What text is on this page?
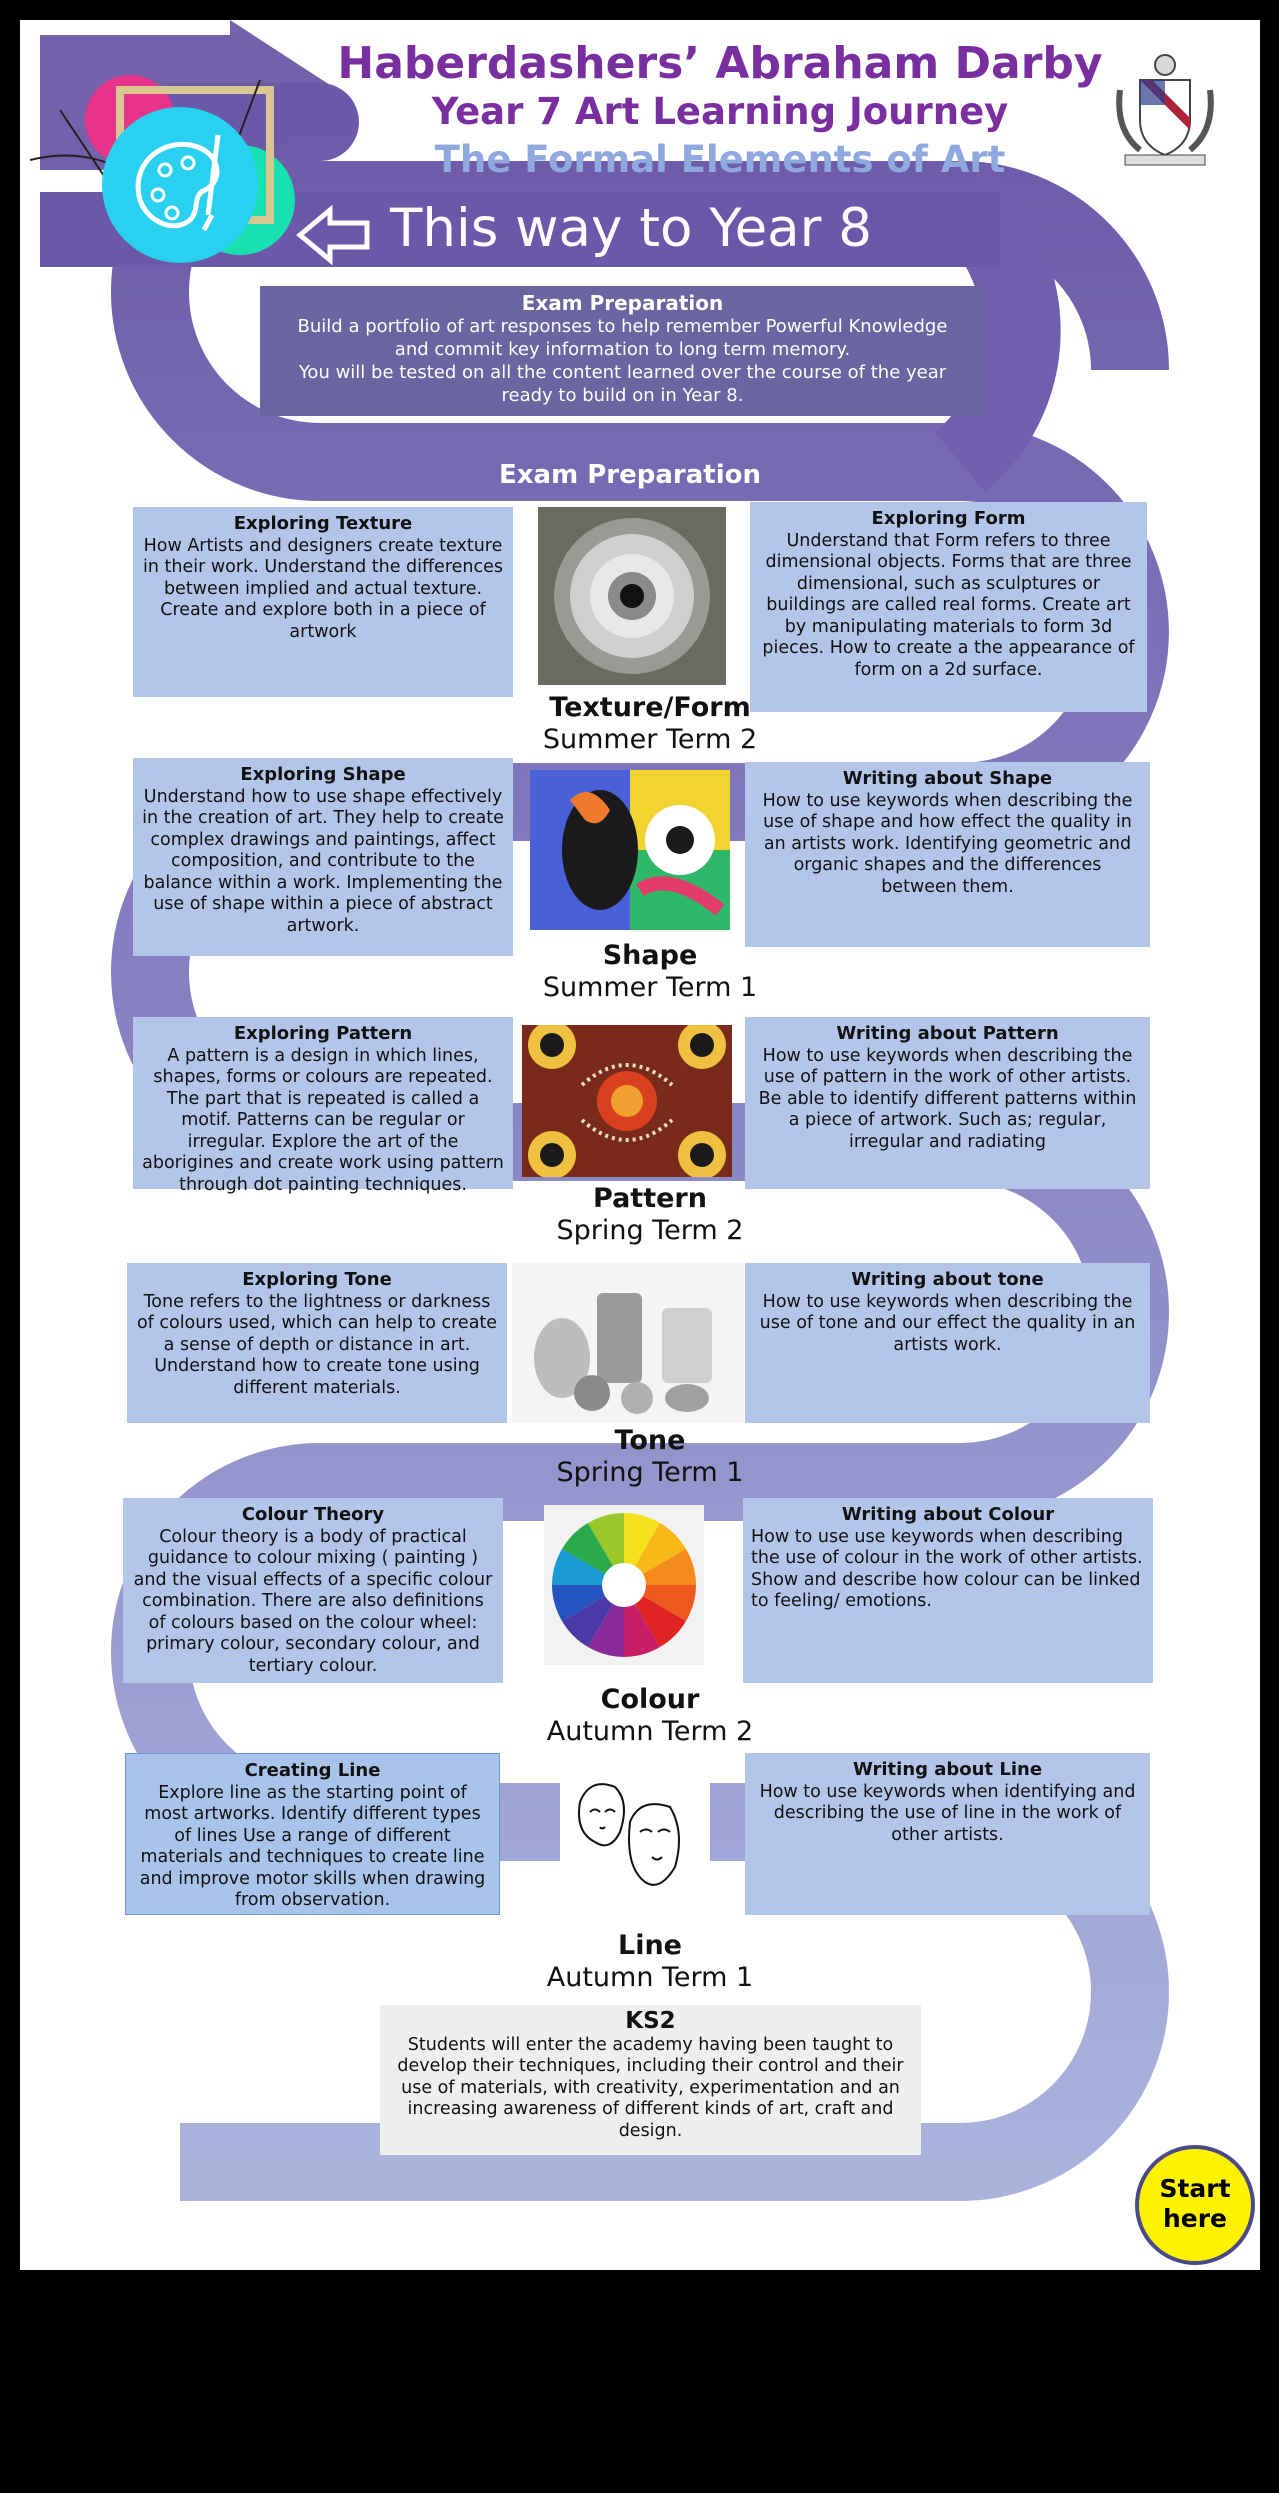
Haberdashers’ Abraham Darby
Year 7 Art Learning Journey
The Formal Elements of Art
This way to Year 8
Exam Preparation
Build a portfolio of art responses to help remember Powerful Knowledge
and commit key information to long term memory.
You will be tested on all the content learned over the course of the year
ready to build on in Year 8.
Exam Preparation
Exploring Texture
How Artists and designers create texture in their work. Understand the differences between implied and actual texture. Create and explore both in a piece of artwork
Exploring Form
Understand that Form refers to three dimensional objects. Forms that are three dimensional, such as sculptures or buildings are called real forms. Create art by manipulating materials to form 3d pieces. How to create a the appearance of form on a 2d surface.
Texture/Form
Summer Term 2
Exploring Shape
Understand how to use shape effectively in the creation of art. They help to create complex drawings and paintings, affect composition, and contribute to the balance within a work. Implementing the use of shape within a piece of abstract artwork.
Writing about Shape
How to use keywords when describing the use of shape and how effect the quality in an artists work. Identifying geometric and organic shapes and the differences between them.
Shape
Summer Term 1
Exploring Pattern
A pattern is a design in which lines, shapes, forms or colours are repeated. The part that is repeated is called a motif. Patterns can be regular or irregular. Explore the art of the aborigines and create work using pattern through dot painting techniques.
Writing about Pattern
How to use keywords when describing the use of pattern in the work of other artists. Be able to identify different patterns within a piece of artwork. Such as; regular, irregular and radiating
Pattern
Spring Term 2
Exploring Tone
Tone refers to the lightness or darkness of colours used, which can help to create a sense of depth or distance in art. Understand how to create tone using different materials.
Writing about tone
How to use keywords when describing the use of tone and our effect the quality in an artists work.
Tone
Spring Term 1
Colour Theory
Colour theory is a body of practical guidance to colour mixing ( painting ) and the visual effects of a specific colour combination. There are also definitions of colours based on the colour wheel: primary colour, secondary colour, and tertiary colour.
Writing about Colour
How to use use keywords when describing the use of colour in the work of other artists. Show and describe how colour can be linked to feeling/ emotions.
Colour
Autumn Term 2
Creating Line
Explore line as the starting point of most artworks. Identify different types of lines Use a range of different materials and techniques to create line and improve motor skills when drawing from observation.
Writing about Line
How to use keywords when identifying and describing the use of line in the work of other artists.
Line
Autumn Term 1
KS2
Students will enter the academy having been taught to develop their techniques, including their control and their use of materials, with creativity, experimentation and an increasing awareness of different kinds of art, craft and design.
Start
here
